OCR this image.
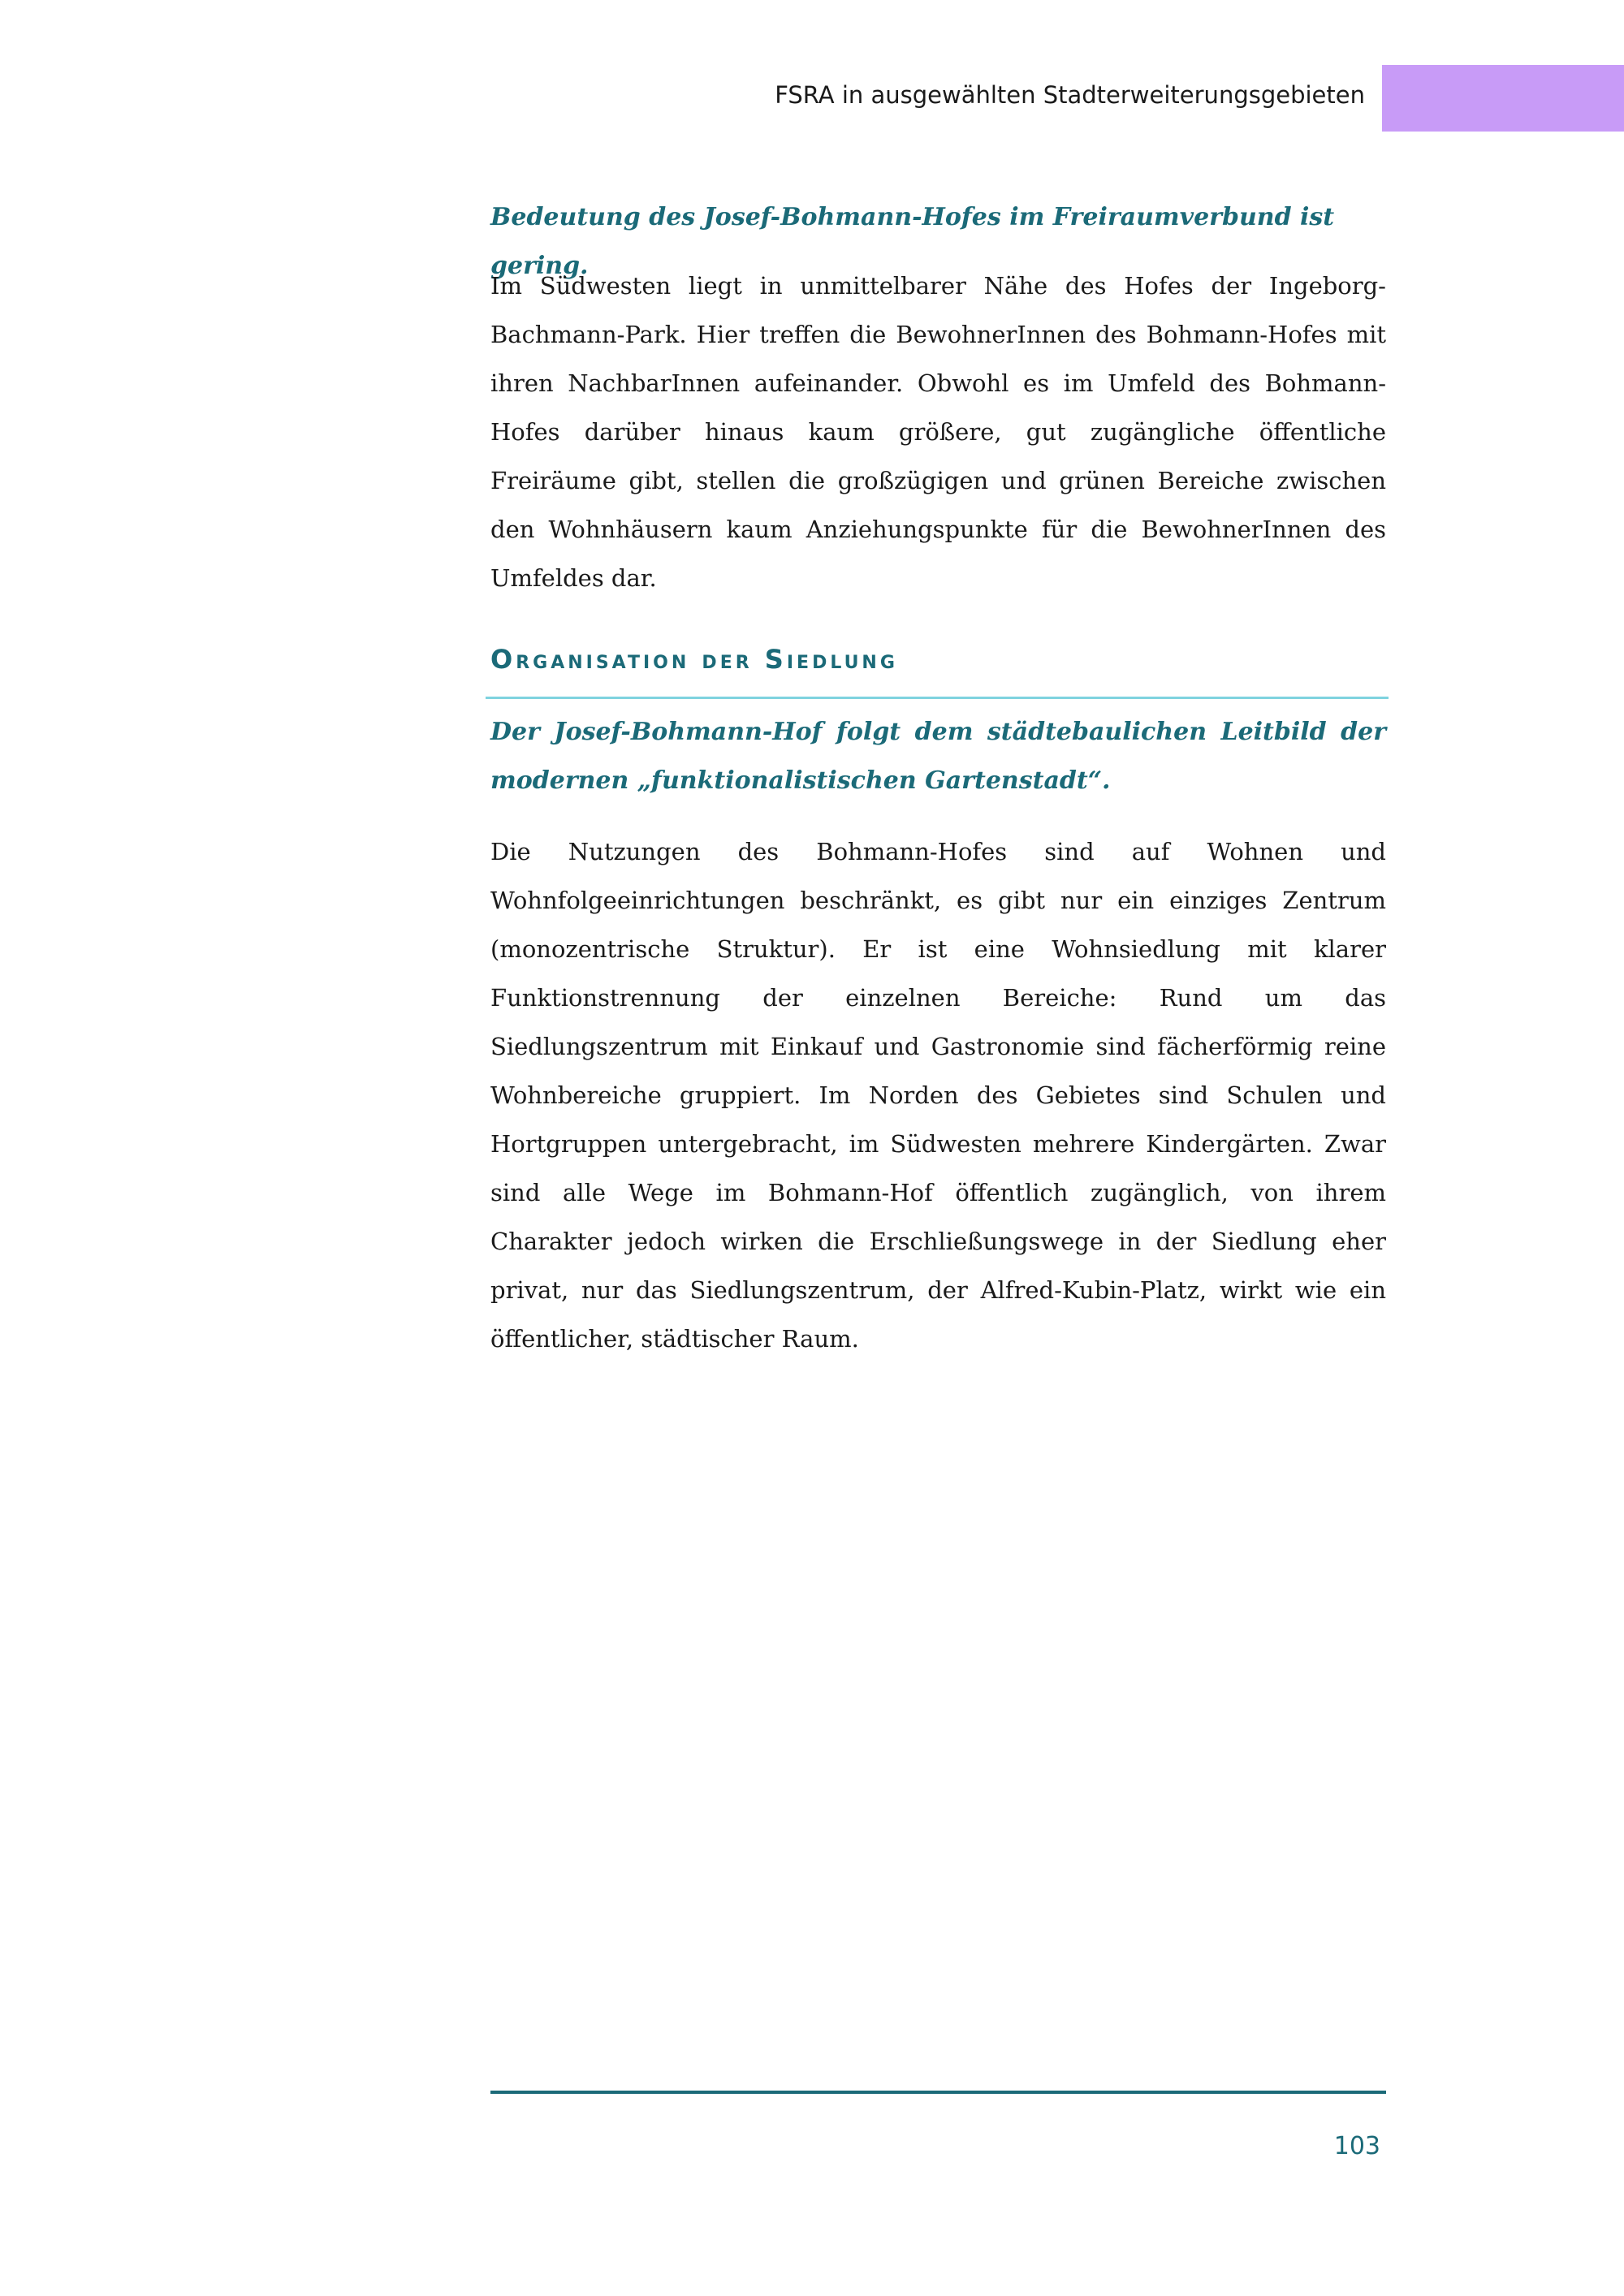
FSRA in ausgewählten Stadterweiterungsgebieten

Bedeutung des Josef-Bohmann-Hofes im Freiraumverbund ist gering.

Im Südwesten liegt in unmittelbarer Nähe des Hofes der Ingeborg-Bachmann-Park. Hier treffen die BewohnerInnen des Bohmann-Hofes mit ihren NachbarInnen aufeinander. Obwohl es im Umfeld des Bohmann-Hofes darüber hinaus kaum größere, gut zugängliche öffentliche Freiräume gibt, stellen die großzügigen und grünen Bereiche zwischen den Wohnhäusern kaum Anziehungspunkte für die BewohnerInnen des Umfeldes dar.

Organisation der Siedlung

Der Josef-Bohmann-Hof folgt dem städtebaulichen Leitbild der modernen „funktionalistischen Gartenstadt“.

Die Nutzungen des Bohmann-Hofes sind auf Wohnen und Wohnfolgeeinrichtungen beschränkt, es gibt nur ein einziges Zentrum (monozentrische Struktur). Er ist eine Wohnsiedlung mit klarer Funktionstrennung der einzelnen Bereiche: Rund um das Siedlungszentrum mit Einkauf und Gastronomie sind fächerförmig reine Wohnbereiche gruppiert. Im Norden des Gebietes sind Schulen und Hortgruppen untergebracht, im Südwesten mehrere Kindergärten. Zwar sind alle Wege im Bohmann-Hof öffentlich zugänglich, von ihrem Charakter jedoch wirken die Erschließungswege in der Siedlung eher privat, nur das Siedlungszentrum, der Alfred-Kubin-Platz, wirkt wie ein öffentlicher, städtischer Raum.

103
